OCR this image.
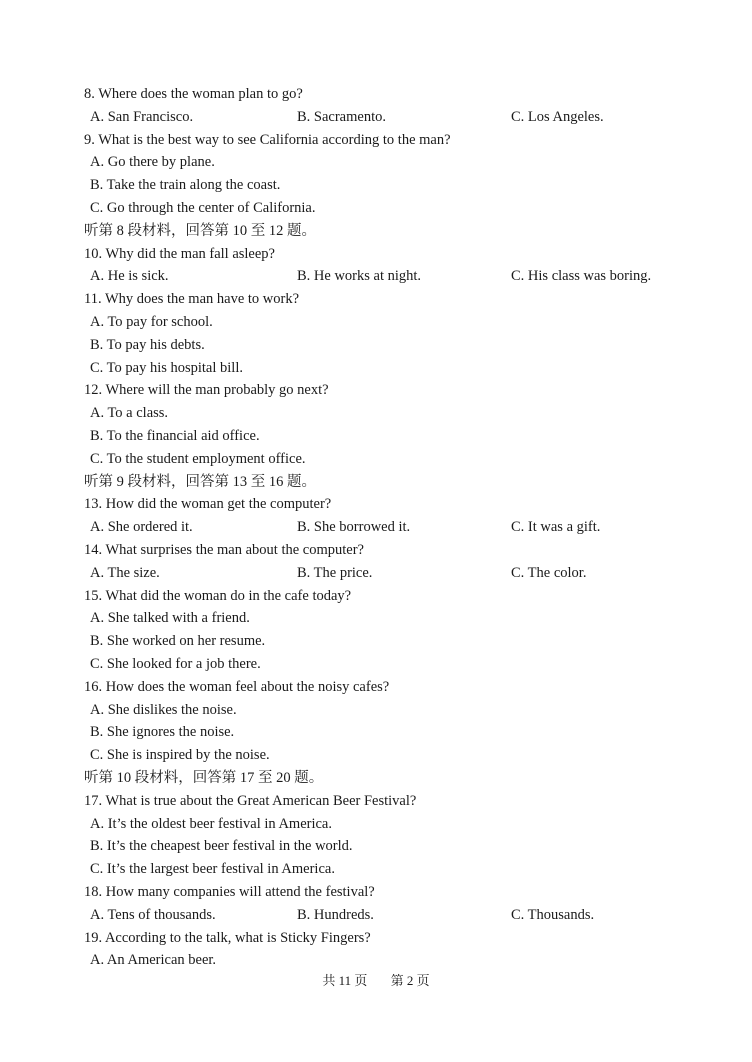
8. Where does the woman plan to go?
A. San Francisco.	B. Sacramento.	C. Los Angeles.
9. What is the best way to see California according to the man?
A. Go there by plane.
B. Take the train along the coast.
C. Go through the center of California.
听第 8 段材料，回答第 10 至 12 题。
10. Why did the man fall asleep?
A. He is sick.	B. He works at night.	C. His class was boring.
11. Why does the man have to work?
A. To pay for school.
B. To pay his debts.
C. To pay his hospital bill.
12. Where will the man probably go next?
A. To a class.
B. To the financial aid office.
C. To the student employment office.
听第 9 段材料，回答第 13 至 16 题。
13. How did the woman get the computer?
A. She ordered it.	B. She borrowed it.	C. It was a gift.
14. What surprises the man about the computer?
A. The size.	B. The price.	C. The color.
15. What did the woman do in the cafe today?
A. She talked with a friend.
B. She worked on her resume.
C. She looked for a job there.
16. How does the woman feel about the noisy cafes?
A. She dislikes the noise.
B. She ignores the noise.
C. She is inspired by the noise.
听第 10 段材料，回答第 17 至 20 题。
17. What is true about the Great American Beer Festival?
A. It’s the oldest beer festival in America.
B. It’s the cheapest beer festival in the world.
C. It’s the largest beer festival in America.
18. How many companies will attend the festival?
A. Tens of thousands.	B. Hundreds.	C. Thousands.
19. According to the talk, what is Sticky Fingers?
A. An American beer.
共 11 页 第 2 页
